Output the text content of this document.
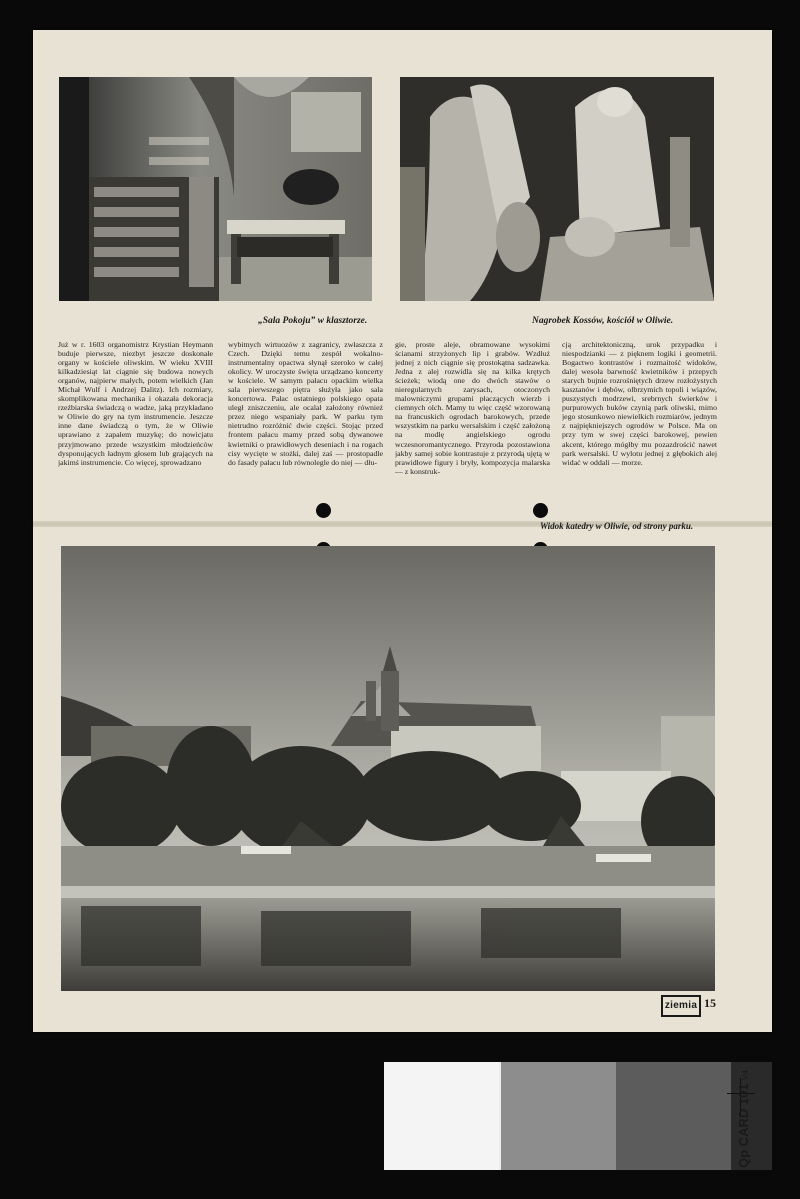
„Sala Pokoju” w klasztorze.	Nagrobek Kossów, kościół w Oliwie.
Już w r. 1603 organomistrz Krystian Heymann buduje pierwsze, niezbyt jeszcze doskonałe organy w kościele oliwskim. W wieku XVIII kilkadziesiąt lat ciągnie się budowa nowych organów, najpierw małych, potem wielkich (Jan Michał Wulf i Andrzej Dalitz). Ich rozmiary, skomplikowana mechanika i okazała dekoracja rzeźbiarska świadczą o wadze, jaką przykładano w Oliwie do gry na tym instrumencie. Jeszcze inne dane świadczą o tym, że w Oliwie uprawiano z zapałem muzykę; do nowicjatu przyjmowano przede wszystkim młodzieńców dysponujących ładnym głosem lub grających na jakimś instrumencie. Co więcej, sprowadzano
wybitnych wirtuozów z zagranicy, zwłaszcza z Czech. Dzięki temu zespół wokalno-instrumentalny opactwa słynął szeroko w całej okolicy. W uroczyste święta urządzano koncerty w kościele. W samym pałacu opackim wielka sala pierwszego piętra służyła jako sala koncertowa. Pałac ostatniego polskiego opata uległ zniszczeniu, ale ocalał założony również przez niego wspaniały park. W parku tym nietrudno rozróżnić dwie części. Stojąc przed frontem pałacu mamy przed sobą dywanowe kwietniki o prawidłowych deseniach i na rogach cisy wycięte w stożki, dalej zaś — prostopadle do fasady pałacu lub równolegle do niej — dłu-
gie, proste aleje, obramowane wysokimi ścianami strzyżonych lip i grabów. Wzdłuż jednej z nich ciągnie się prostokątna sadzawka. Jedna z alej rozwidla się na kilka krętych ścieżek; wiodą one do dwóch stawów o nieregularnych zarysach, otoczonych malowniczymi grupami płaczących wierzb i ciemnych olch. Mamy tu więc część wzorowaną na francuskich ogrodach barokowych, przede wszystkim na parku wersalskim i część założoną na modłę angielskiego ogrodu wczesnoromantycznego. Przyroda pozostawiona jakby samej sobie kontrastuje z przyrodą ujętą w prawidłowe figury i bryły, kompozycja malarska — z konstruk-
cją architektoniczną, urok przypadku i niespodzianki — z pięknem logiki i geometrii. Bogactwo kontrastów i rozmaitość widoków, dalej wesoła barwność kwietników i przepych starych bujnie rozrośniętych drzew rozłożystych kasztanów i dębów, olbrzymich topoli i wiązów, puszystych modrzewi, srebrnych świerków i purpurowych buków czynią park oliwski, mimo jego stosunkowo niewielkich rozmiarów, jednym z najpiękniejszych ogrodów w Polsce. Ma on przy tym w swej części barokowej, pewien akcent, którego mógłby mu pozazdrościć nawet park wersalski. U wylotu jednej z głębokich alej widać w oddali — morze.
Widok katedry w Oliwie, od strony parku.
ziemia 15
Qp CARD 101 V4
